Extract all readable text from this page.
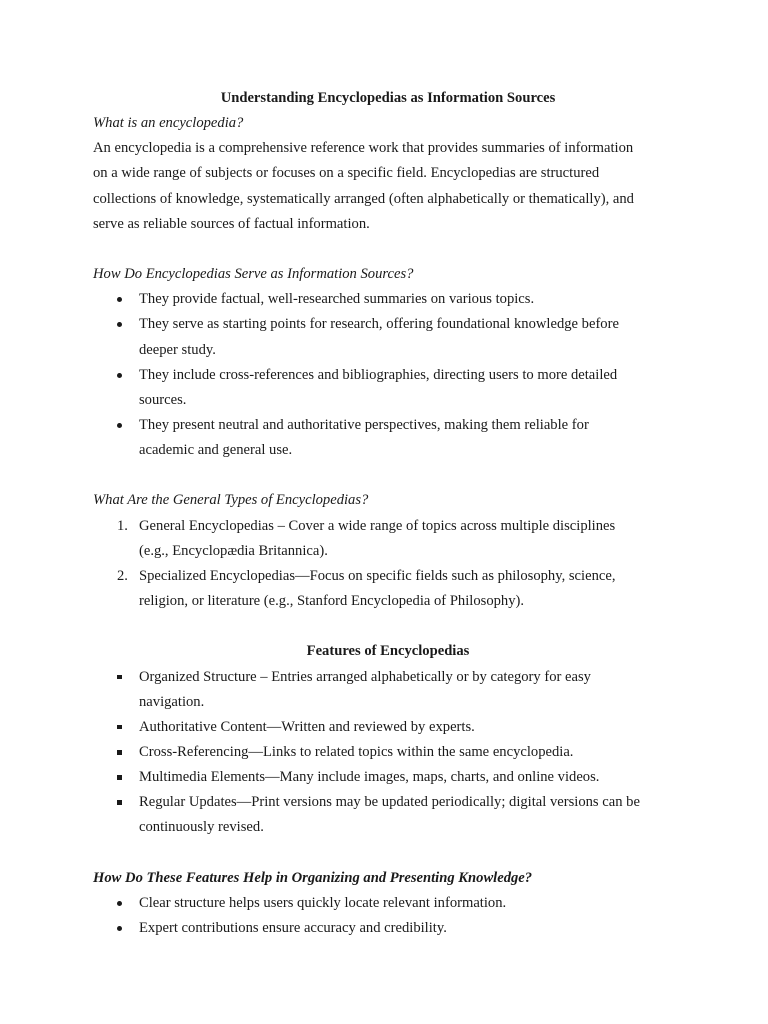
Understanding Encyclopedias as Information Sources
What is an encyclopedia?
An encyclopedia is a comprehensive reference work that provides summaries of information
on a wide range of subjects or focuses on a specific field. Encyclopedias are structured
collections of knowledge, systematically arranged (often alphabetically or thematically), and
serve as reliable sources of factual information.
How Do Encyclopedias Serve as Information Sources?
They provide factual, well-researched summaries on various topics.
They serve as starting points for research, offering foundational knowledge before
deeper study.
They include cross-references and bibliographies, directing users to more detailed
sources.
They present neutral and authoritative perspectives, making them reliable for
academic and general use.
What Are the General Types of Encyclopedias?
1. General Encyclopedias – Cover a wide range of topics across multiple disciplines
(e.g., Encyclopædia Britannica).
2. Specialized Encyclopedias—Focus on specific fields such as philosophy, science,
religion, or literature (e.g., Stanford Encyclopedia of Philosophy).
Features of Encyclopedias
Organized Structure – Entries arranged alphabetically or by category for easy
navigation.
Authoritative Content—Written and reviewed by experts.
Cross-Referencing—Links to related topics within the same encyclopedia.
Multimedia Elements—Many include images, maps, charts, and online videos.
Regular Updates—Print versions may be updated periodically; digital versions can be
continuously revised.
How Do These Features Help in Organizing and Presenting Knowledge?
Clear structure helps users quickly locate relevant information.
Expert contributions ensure accuracy and credibility.
